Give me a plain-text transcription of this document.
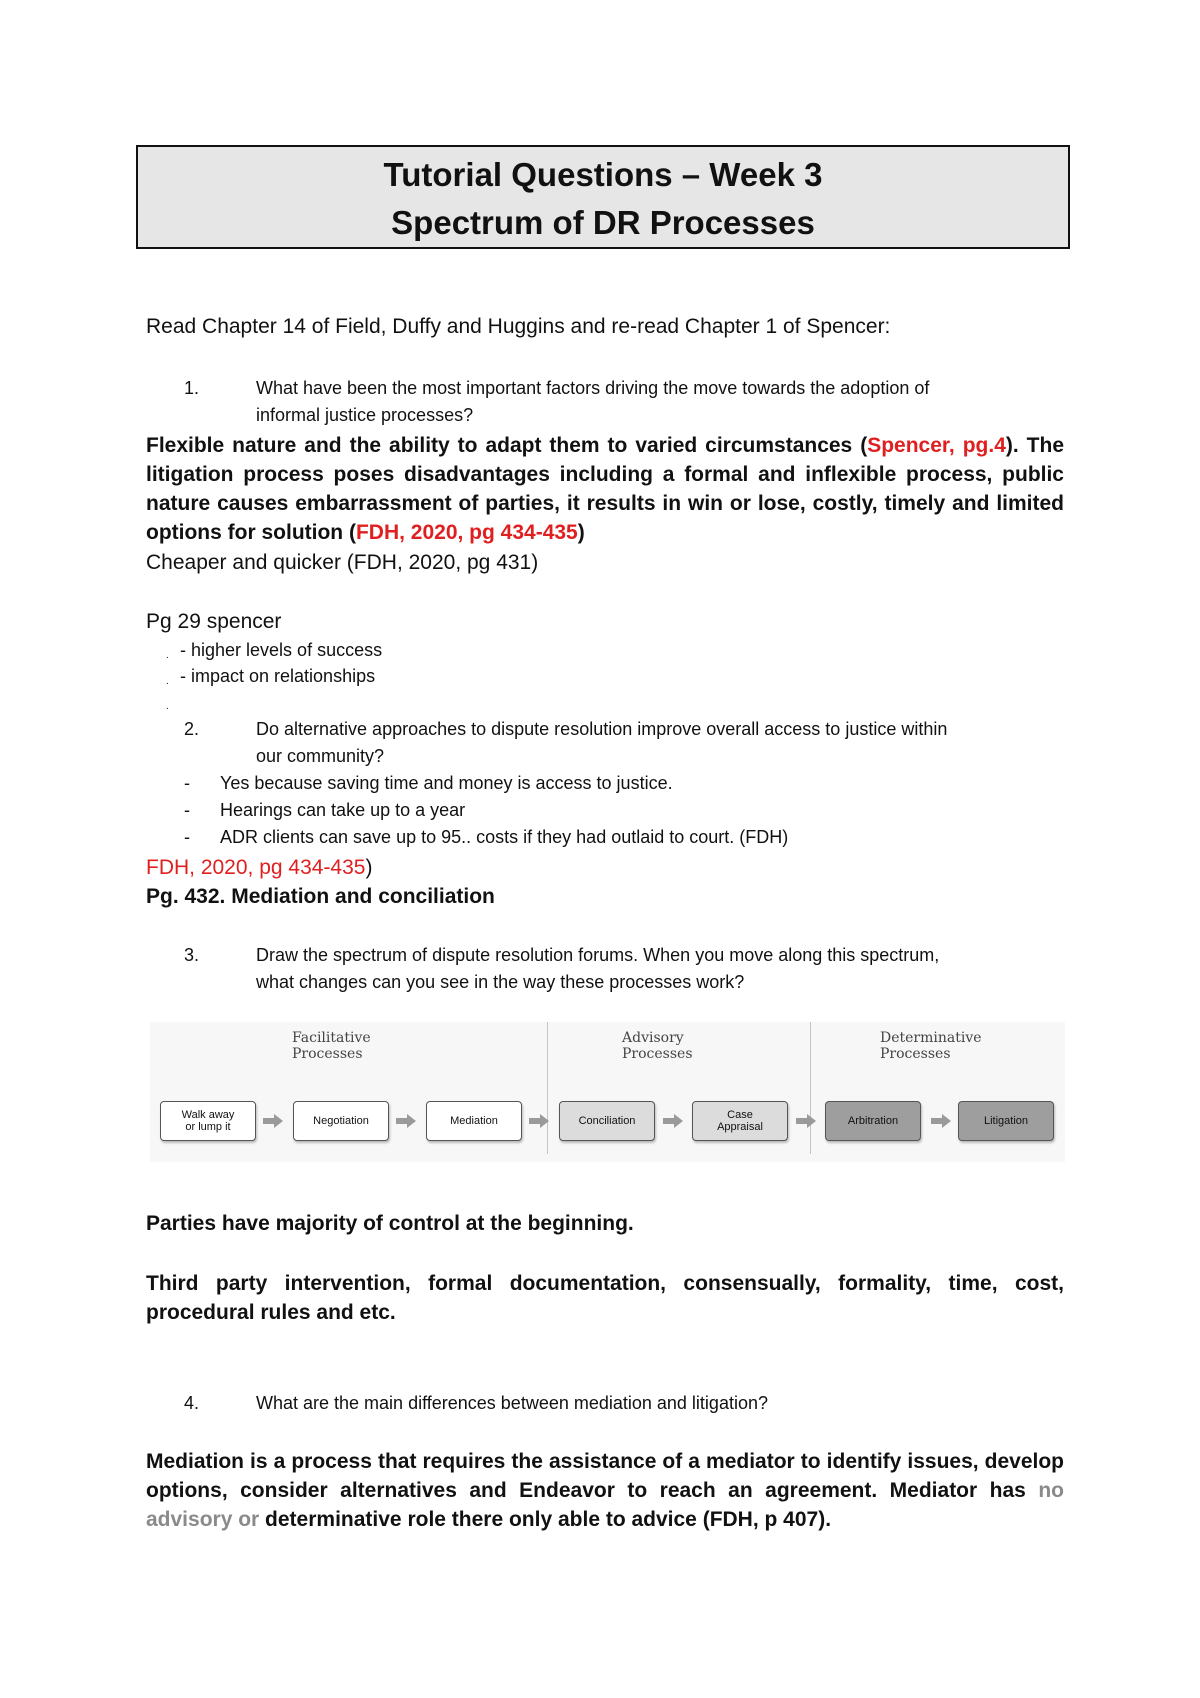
Tutorial Questions – Week 3
Spectrum of DR Processes
Read Chapter 14 of Field, Duffy and Huggins and re-read Chapter 1 of Spencer:
1.	What have been the most important factors driving the move towards the adoption of
informal justice processes?
Flexible nature and the ability to adapt them to varied circumstances (Spencer, pg.4). The litigation process poses disadvantages including a formal and inflexible process, public nature causes embarrassment of parties, it results in win or lose, costly, timely and limited options for solution (FDH, 2020, pg 434-435)
Cheaper and quicker (FDH, 2020, pg 431)
Pg 29 spencer
. - higher levels of success
. - impact on relationships
.
2.	Do alternative approaches to dispute resolution improve overall access to justice within
our community?
- Yes because saving time and money is access to justice.
- Hearings can take up to a year
- ADR clients can save up to 95.. costs if they had outlaid to court. (FDH)
FDH, 2020, pg 434-435)
Pg. 432. Mediation and conciliation
3.	Draw the spectrum of dispute resolution forums. When you move along this spectrum,
what changes can you see in the way these processes work?
Facilitative
Processes
Advisory
Processes
Determinative
Processes
Walk away
or lump it	Negotiation	Mediation	Conciliation	Case
Appraisal	Arbitration	Litigation
Parties have majority of control at the beginning.
Third party intervention, formal documentation, consensually, formality, time, cost, procedural rules and etc.
4.	What are the main differences between mediation and litigation?
Mediation is a process that requires the assistance of a mediator to identify issues, develop options, consider alternatives and Endeavor to reach an agreement. Mediator has no advisory or determinative role there only able to advice (FDH, p 407).
